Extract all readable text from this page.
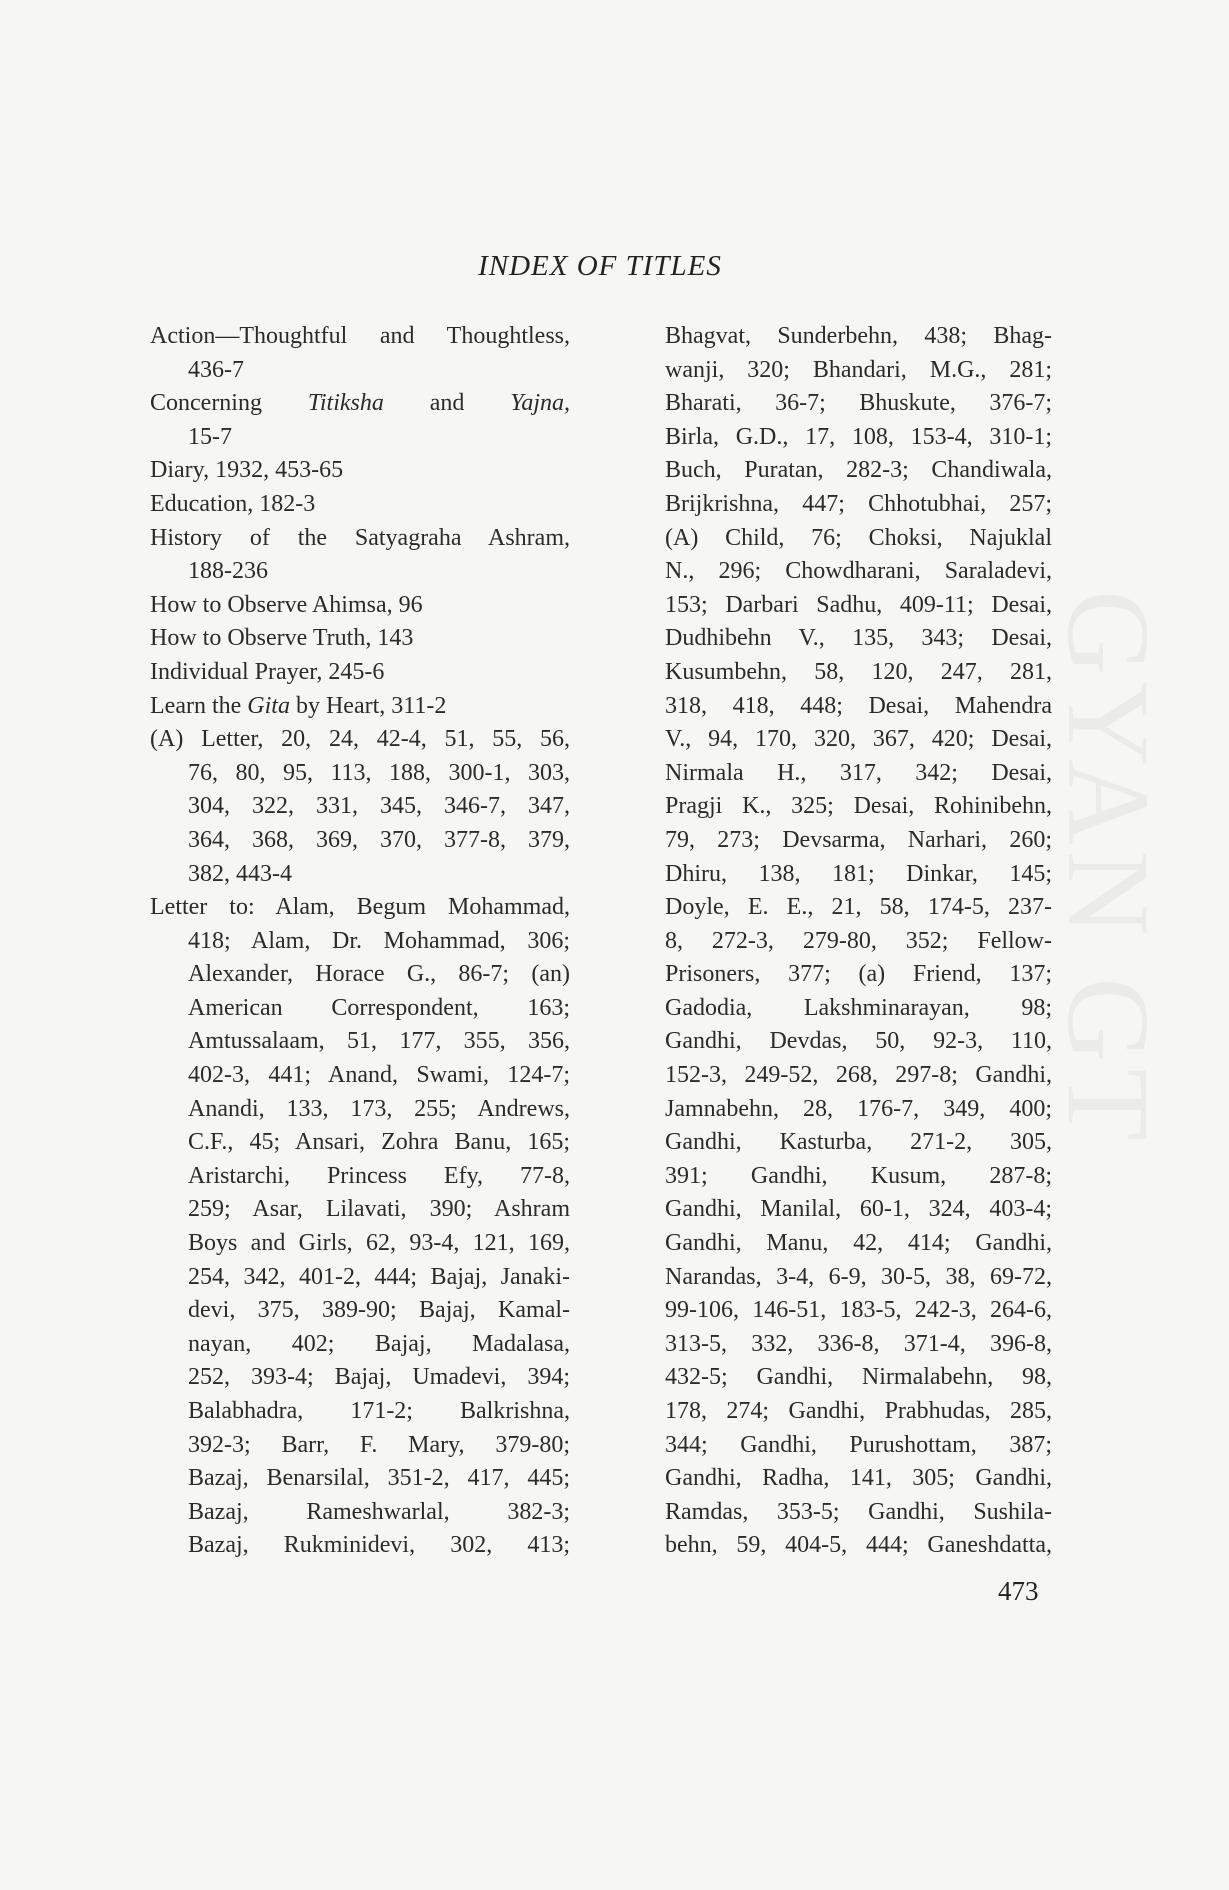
GYAN GT
INDEX OF TITLES
Action—Thoughtful and Thoughtless,
436-7
Concerning Titiksha and Yajna,
15-7
Diary, 1932, 453-65
Education, 182-3
History of the Satyagraha Ashram,
188-236
How to Observe Ahimsa, 96
How to Observe Truth, 143
Individual Prayer, 245-6
Learn the Gita by Heart, 311-2
(A) Letter, 20, 24, 42-4, 51, 55, 56,
76, 80, 95, 113, 188, 300-1, 303,
304, 322, 331, 345, 346-7, 347,
364, 368, 369, 370, 377-8, 379,
382, 443-4
Letter to: Alam, Begum Mohammad,
418; Alam, Dr. Mohammad, 306;
Alexander, Horace G., 86-7; (an)
American Correspondent, 163;
Amtussalaam, 51, 177, 355, 356,
402-3, 441; Anand, Swami, 124-7;
Anandi, 133, 173, 255; Andrews,
C.F., 45; Ansari, Zohra Banu, 165;
Aristarchi, Princess Efy, 77-8,
259; Asar, Lilavati, 390; Ashram
Boys and Girls, 62, 93-4, 121, 169,
254, 342, 401-2, 444; Bajaj, Janaki-
devi, 375, 389-90; Bajaj, Kamal-
nayan, 402; Bajaj, Madalasa,
252, 393-4; Bajaj, Umadevi, 394;
Balabhadra, 171-2; Balkrishna,
392-3; Barr, F. Mary, 379-80;
Bazaj, Benarsilal, 351-2, 417, 445;
Bazaj, Rameshwarlal, 382-3;
Bazaj, Rukminidevi, 302, 413;
Bhagvat, Sunderbehn, 438; Bhag-
wanji, 320; Bhandari, M.G., 281;
Bharati, 36-7; Bhuskute, 376-7;
Birla, G.D., 17, 108, 153-4, 310-1;
Buch, Puratan, 282-3; Chandiwala,
Brijkrishna, 447; Chhotubhai, 257;
(A) Child, 76; Choksi, Najuklal
N., 296; Chowdharani, Saraladevi,
153; Darbari Sadhu, 409-11; Desai,
Dudhibehn V., 135, 343; Desai,
Kusumbehn, 58, 120, 247, 281,
318, 418, 448; Desai, Mahendra
V., 94, 170, 320, 367, 420; Desai,
Nirmala H., 317, 342; Desai,
Pragji K., 325; Desai, Rohinibehn,
79, 273; Devsarma, Narhari, 260;
Dhiru, 138, 181; Dinkar, 145;
Doyle, E. E., 21, 58, 174-5, 237-
8, 272-3, 279-80, 352; Fellow-
Prisoners, 377; (a) Friend, 137;
Gadodia, Lakshminarayan, 98;
Gandhi, Devdas, 50, 92-3, 110,
152-3, 249-52, 268, 297-8; Gandhi,
Jamnabehn, 28, 176-7, 349, 400;
Gandhi, Kasturba, 271-2, 305,
391; Gandhi, Kusum, 287-8;
Gandhi, Manilal, 60-1, 324, 403-4;
Gandhi, Manu, 42, 414; Gandhi,
Narandas, 3-4, 6-9, 30-5, 38, 69-72,
99-106, 146-51, 183-5, 242-3, 264-6,
313-5, 332, 336-8, 371-4, 396-8,
432-5; Gandhi, Nirmalabehn, 98,
178, 274; Gandhi, Prabhudas, 285,
344; Gandhi, Purushottam, 387;
Gandhi, Radha, 141, 305; Gandhi,
Ramdas, 353-5; Gandhi, Sushila-
behn, 59, 404-5, 444; Ganeshdatta,
473
